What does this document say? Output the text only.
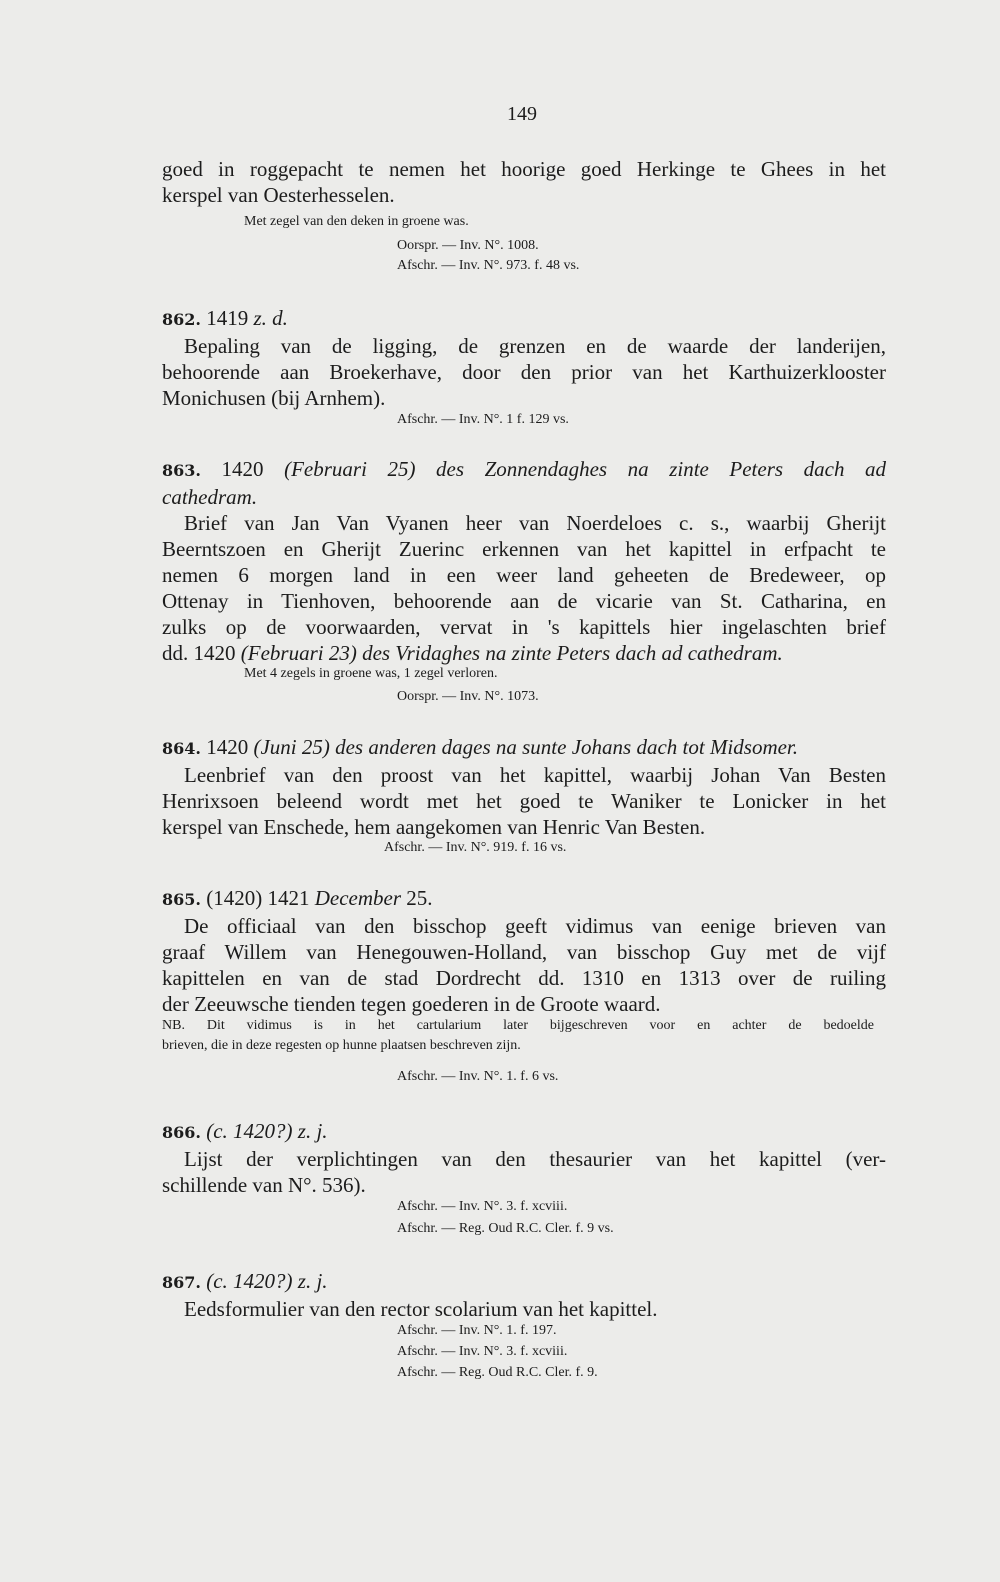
149
goed in roggepacht te nemen het hoorige goed Herkinge te Ghees in het
kerspel van Oesterhesselen.
Met zegel van den deken in groene was.
Oorspr. — Inv. N°. 1008.
Afschr. — Inv. N°. 973. f. 48 vs.
862. 1419 z. d.
Bepaling van de ligging, de grenzen en de waarde der landerijen,
behoorende aan Broekerhave, door den prior van het Karthuizerklooster
Monichusen (bij Arnhem).
Afschr. — Inv. N°. 1 f. 129 vs.
863. 1420 (Februari 25) des Zonnendaghes na zinte Peters dach ad
cathedram.
Brief van Jan Van Vyanen heer van Noerdeloes c. s., waarbij Gherijt
Beerntszoen en Gherijt Zuerinc erkennen van het kapittel in erfpacht te
nemen 6 morgen land in een weer land geheeten de Bredeweer, op
Ottenay in Tienhoven, behoorende aan de vicarie van St. Catharina, en
zulks op de voorwaarden, vervat in 's kapittels hier ingelaschten brief
dd. 1420 (Februari 23) des Vridaghes na zinte Peters dach ad cathedram.
Met 4 zegels in groene was, 1 zegel verloren.
Oorspr. — Inv. N°. 1073.
864. 1420 (Juni 25) des anderen dages na sunte Johans dach tot Midsomer.
Leenbrief van den proost van het kapittel, waarbij Johan Van Besten
Henrixsoen beleend wordt met het goed te Waniker te Lonicker in het
kerspel van Enschede, hem aangekomen van Henric Van Besten.
Afschr. — Inv. N°. 919. f. 16 vs.
865. (1420) 1421 December 25.
De officiaal van den bisschop geeft vidimus van eenige brieven van
graaf Willem van Henegouwen-Holland, van bisschop Guy met de vijf
kapittelen en van de stad Dordrecht dd. 1310 en 1313 over de ruiling
der Zeeuwsche tienden tegen goederen in de Groote waard.
NB. Dit vidimus is in het cartularium later bijgeschreven voor en achter de bedoelde
brieven, die in deze regesten op hunne plaatsen beschreven zijn.
Afschr. — Inv. N°. 1. f. 6 vs.
866. (c. 1420?) z. j.
Lijst der verplichtingen van den thesaurier van het kapittel (ver-
schillende van N°. 536).
Afschr. — Inv. N°. 3. f. xcviii.
Afschr. — Reg. Oud R.C. Cler. f. 9 vs.
867. (c. 1420?) z. j.
Eedsformulier van den rector scolarium van het kapittel.
Afschr. — Inv. N°. 1. f. 197.
Afschr. — Inv. N°. 3. f. xcviii.
Afschr. — Reg. Oud R.C. Cler. f. 9.
